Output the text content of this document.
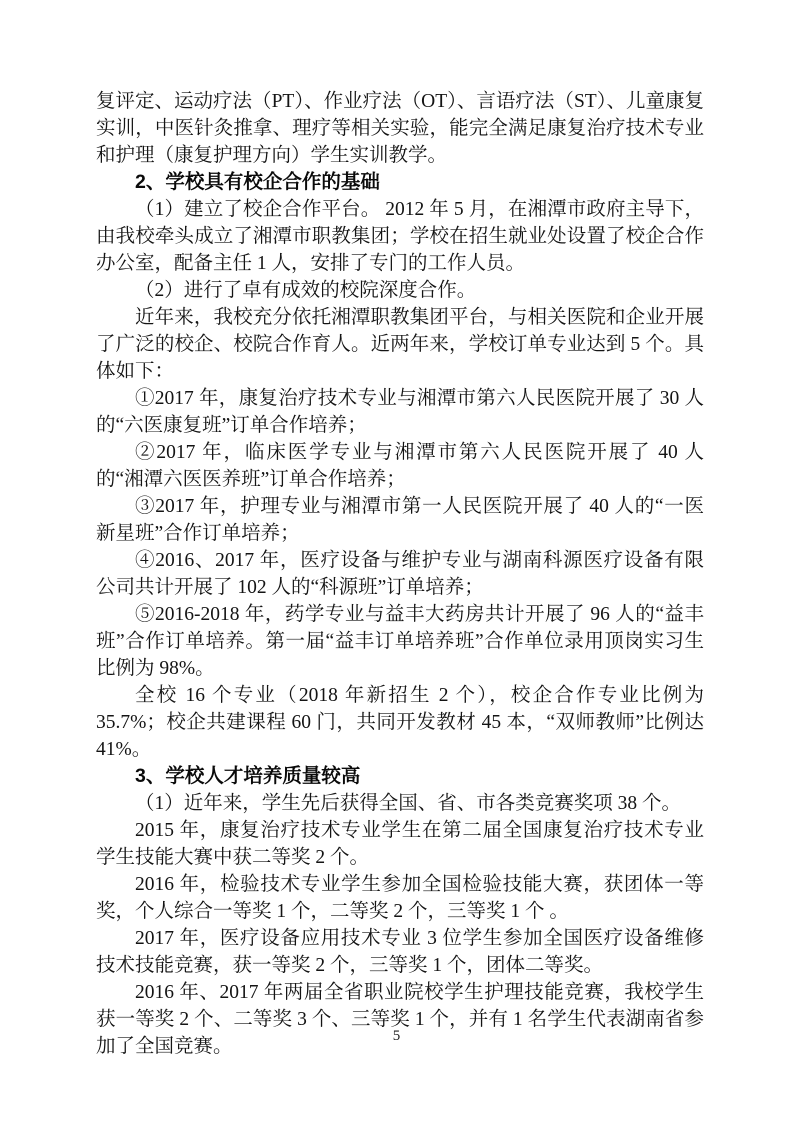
复评定、运动疗法（PT）、作业疗法（OT）、言语疗法（ST）、儿童康复实训，中医针灸推拿、理疗等相关实验，能完全满足康复治疗技术专业和护理（康复护理方向）学生实训教学。

2、学校具有校企合作的基础

（1）建立了校企合作平台。 2012 年 5 月，在湘潭市政府主导下，由我校牵头成立了湘潭市职教集团；学校在招生就业处设置了校企合作办公室，配备主任 1 人，安排了专门的工作人员。

（2）进行了卓有成效的校院深度合作。

近年来，我校充分依托湘潭职教集团平台，与相关医院和企业开展了广泛的校企、校院合作育人。近两年来，学校订单专业达到 5 个。具体如下：

①2017 年，康复治疗技术专业与湘潭市第六人民医院开展了 30 人的“六医康复班”订单合作培养；

②2017 年，临床医学专业与湘潭市第六人民医院开展了 40 人的“湘潭六医医养班”订单合作培养；

③2017 年，护理专业与湘潭市第一人民医院开展了 40 人的“一医新星班”合作订单培养；

④2016、2017 年，医疗设备与维护专业与湖南科源医疗设备有限公司共计开展了 102 人的“科源班”订单培养；

⑤2016-2018 年，药学专业与益丰大药房共计开展了 96 人的“益丰班”合作订单培养。第一届“益丰订单培养班”合作单位录用顶岗实习生比例为 98%。

全校 16 个专业（2018 年新招生 2 个），校企合作专业比例为 35.7%；校企共建课程 60 门，共同开发教材 45 本，“双师教师”比例达 41%。

3、学校人才培养质量较高

（1）近年来，学生先后获得全国、省、市各类竞赛奖项 38 个。

2015 年，康复治疗技术专业学生在第二届全国康复治疗技术专业学生技能大赛中获二等奖 2 个。

2016 年，检验技术专业学生参加全国检验技能大赛，获团体一等奖，个人综合一等奖 1 个，二等奖 2 个，三等奖 1 个 。

2017 年，医疗设备应用技术专业 3 位学生参加全国医疗设备维修技术技能竞赛，获一等奖 2 个，三等奖 1 个，团体二等奖。

2016 年、2017 年两届全省职业院校学生护理技能竞赛，我校学生获一等奖 2 个、二等奖 3 个、三等奖 1 个，并有 1 名学生代表湖南省参加了全国竞赛。	5
